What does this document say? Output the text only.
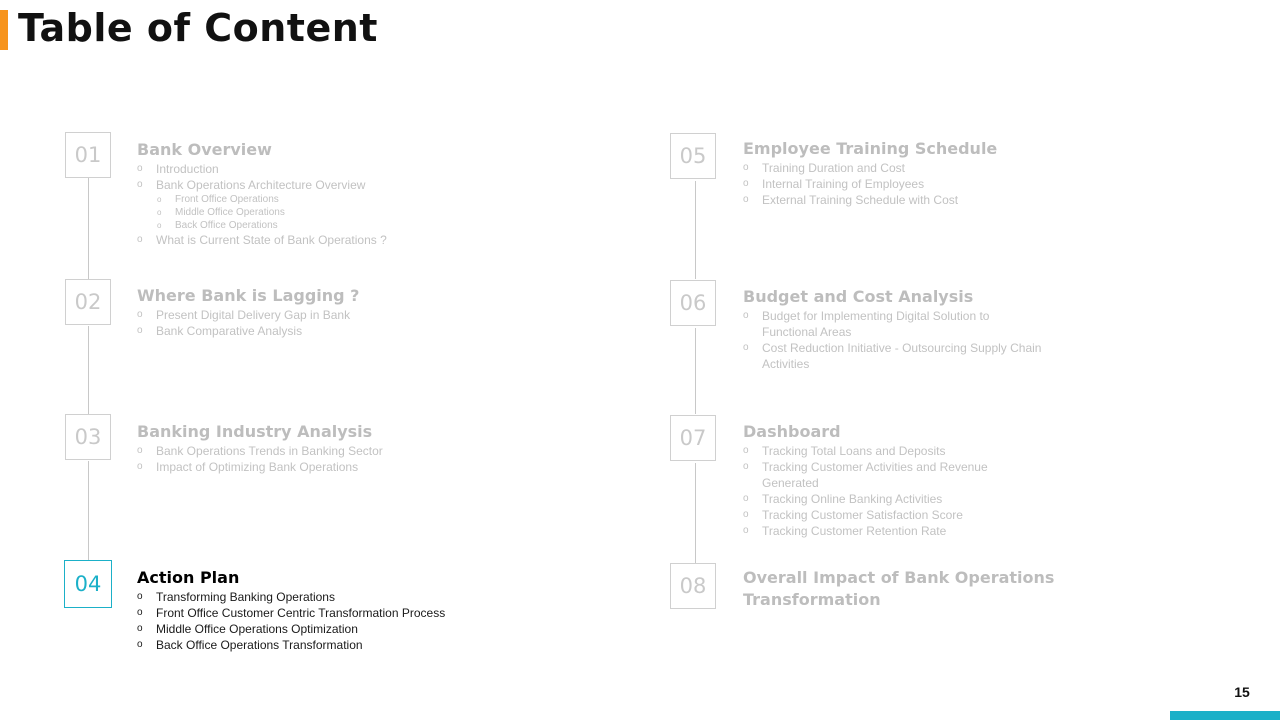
Table of Content
01
02
03
04
05
06
07
08
Bank Overview
o Introduction
o Bank Operations Architecture Overview
o Front Office Operations
o Middle Office Operations
o Back Office Operations
o What is Current State of Bank Operations ?
Where Bank is Lagging ?
o Present Digital Delivery Gap in Bank
o Bank Comparative Analysis
Banking Industry Analysis
o Bank Operations Trends in Banking Sector
o Impact of Optimizing Bank Operations
Action Plan
o Transforming Banking Operations
o Front Office Customer Centric Transformation Process
o Middle Office Operations Optimization
o Back Office Operations Transformation
Employee Training Schedule
o Training Duration and Cost
o Internal Training of Employees
o External Training Schedule with Cost
Budget and Cost Analysis
o Budget for Implementing Digital Solution to Functional Areas
o Cost Reduction Initiative - Outsourcing Supply Chain Activities
Dashboard
o Tracking Total Loans and Deposits
o Tracking Customer Activities and Revenue Generated
o Tracking Online Banking Activities
o Tracking Customer Satisfaction Score
o Tracking Customer Retention Rate
Overall Impact of Bank Operations Transformation
15
